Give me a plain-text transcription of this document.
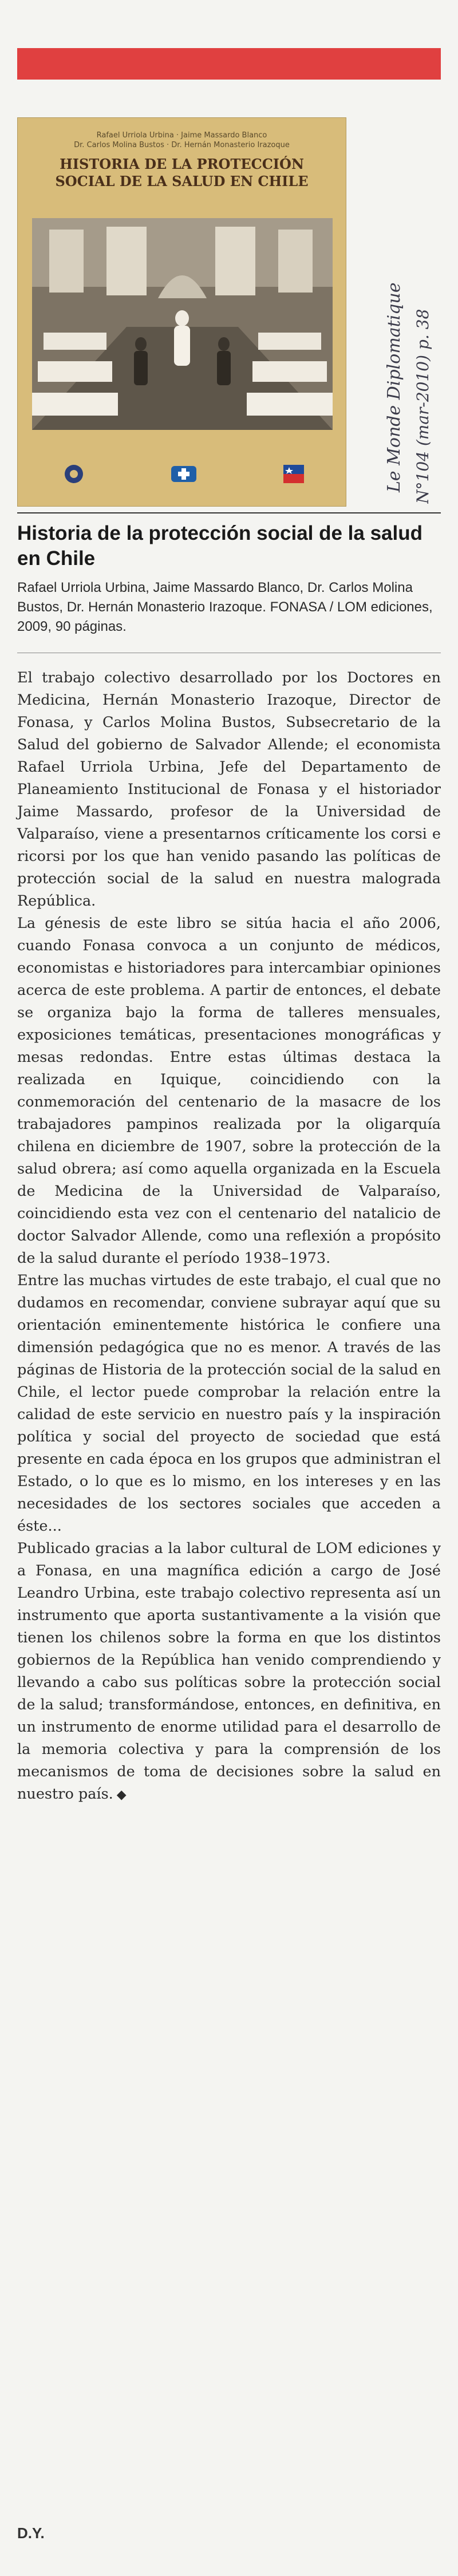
Rafael Urriola Urbina · Jaime Massardo Blanco
Dr. Carlos Molina Bustos · Dr. Hernán Monasterio Irazoque
HISTORIA DE LA PROTECCIÓN SOCIAL DE LA SALUD EN CHILE
Le Monde Diplomatique N°104 (mar-2010) p. 38
Historia de la protección social de la salud en Chile
Rafael Urriola Urbina, Jaime Massardo Blanco, Dr. Carlos Molina Bustos, Dr. Hernán Monasterio Irazoque. FONASA / LOM ediciones, 2009, 90 páginas.

El trabajo colectivo desarrollado por los Doctores en Medicina, Hernán Monasterio Irazoque, Director de Fonasa, y Carlos Molina Bustos, Subsecretario de la Salud del gobierno de Salvador Allende; el economista Rafael Urriola Urbina, Jefe del Departamento de Planeamiento Institucional de Fonasa y el historiador Jaime Massardo, profesor de la Universidad de Valparaíso, viene a presentarnos críticamente los corsi e ricorsi por los que han venido pasando las políticas de protección social de la salud en nuestra malograda República.

La génesis de este libro se sitúa hacia el año 2006, cuando Fonasa convoca a un conjunto de médicos, economistas e historiadores para intercambiar opiniones acerca de este problema. A partir de entonces, el debate se organiza bajo la forma de talleres mensuales, exposiciones temáticas, presentaciones monográficas y mesas redondas. Entre estas últimas destaca la realizada en Iquique, coincidiendo con la conmemoración del centenario de la masacre de los trabajadores pampinos realizada por la oligarquía chilena en diciembre de 1907, sobre la protección de la salud obrera; así como aquella organizada en la Escuela de Medicina de la Universidad de Valparaíso, coincidiendo esta vez con el centenario del natalicio de doctor Salvador Allende, como una reflexión a propósito de la salud durante el período 1938–1973.

Entre las muchas virtudes de este trabajo, el cual que no dudamos en recomendar, conviene subrayar aquí que su orientación eminentemente histórica le confiere una dimensión pedagógica que no es menor. A través de las páginas de Historia de la protección social de la salud en Chile, el lector puede comprobar la relación entre la calidad de este servicio en nuestro país y la inspiración política y social del proyecto de sociedad que está presente en cada época en los grupos que administran el Estado, o lo que es lo mismo, en los intereses y en las necesidades de los sectores sociales que acceden a éste...

Publicado gracias a la labor cultural de LOM ediciones y a Fonasa, en una magnífica edición a cargo de José Leandro Urbina, este trabajo colectivo representa así un instrumento que aporta sustantivamente a la visión que tienen los chilenos sobre la forma en que los distintos gobiernos de la República han venido comprendiendo y llevando a cabo sus políticas sobre la protección social de la salud; transformándose, entonces, en definitiva, en un instrumento de enorme utilidad para el desarrollo de la memoria colectiva y para la comprensión de los mecanismos de toma de decisiones sobre la salud en nuestro país. ◆

D.Y.
